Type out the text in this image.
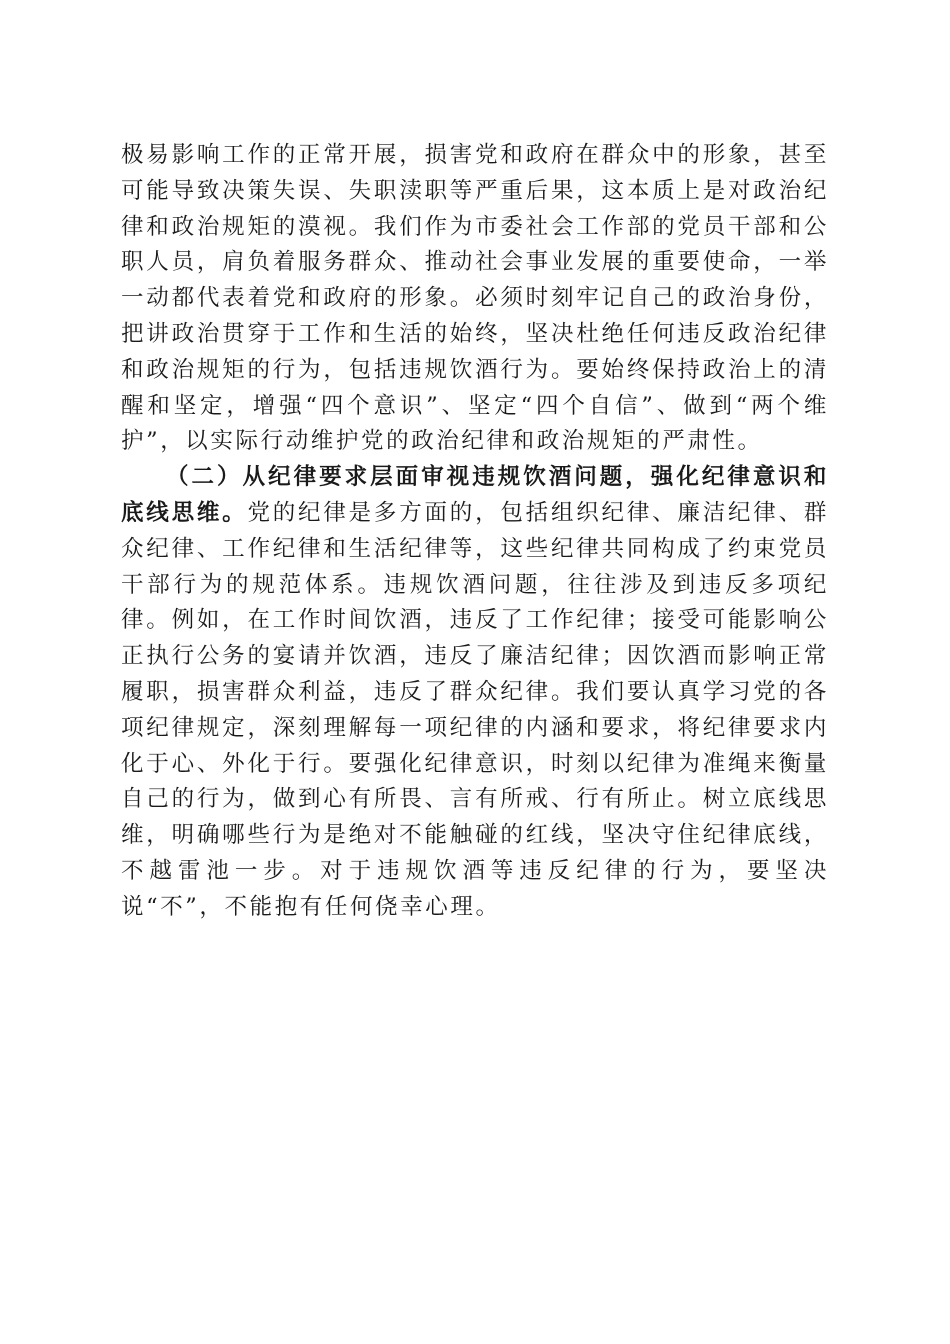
极易影响工作的正常开展，损害党和政府在群众中的形象，甚至可能导致决策失误、失职渎职等严重后果，这本质上是对政治纪律和政治规矩的漠视。我们作为市委社会工作部的党员干部和公职人员，肩负着服务群众、推动社会事业发展的重要使命，一举一动都代表着党和政府的形象。必须时刻牢记自己的政治身份，把讲政治贯穿于工作和生活的始终，坚决杜绝任何违反政治纪律和政治规矩的行为，包括违规饮酒行为。要始终保持政治上的清醒和坚定，增强“四个意识”、坚定“四个自信”、做到“两个维护”，以实际行动维护党的政治纪律和政治规矩的严肃性。

（二）从纪律要求层面审视违规饮酒问题，强化纪律意识和底线思维。党的纪律是多方面的，包括组织纪律、廉洁纪律、群众纪律、工作纪律和生活纪律等，这些纪律共同构成了约束党员干部行为的规范体系。违规饮酒问题，往往涉及到违反多项纪律。例如，在工作时间饮酒，违反了工作纪律；接受可能影响公正执行公务的宴请并饮酒，违反了廉洁纪律；因饮酒而影响正常履职，损害群众利益，违反了群众纪律。我们要认真学习党的各项纪律规定，深刻理解每一项纪律的内涵和要求，将纪律要求内化于心、外化于行。要强化纪律意识，时刻以纪律为准绳来衡量自己的行为，做到心有所畏、言有所戒、行有所止。树立底线思维，明确哪些行为是绝对不能触碰的红线，坚决守住纪律底线，不越雷池一步。对于违规饮酒等违反纪律的行为，要坚决说“不”，不能抱有任何侥幸心理。
